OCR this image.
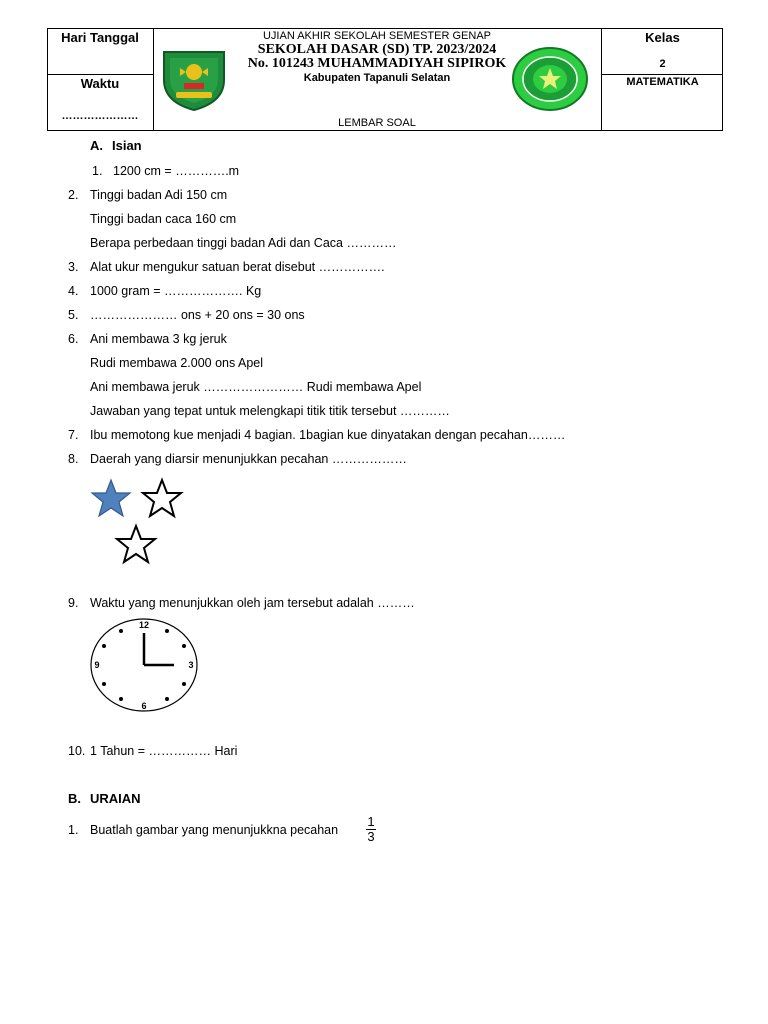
Hari Tanggal
Waktu
…………………
Kelas
2
MATEMATIKA
UJIAN AKHIR SEKOLAH SEMESTER GENAP
SEKOLAH DASAR (SD) TP. 2023/2024
No. 101243 MUHAMMADIYAH SIPIROK
Kabupaten Tapanuli Selatan
LEMBAR SOAL
A. Isian
1. 1200 cm = ………….m
2. Tinggi badan Adi 150 cm
Tinggi badan caca 160 cm
Berapa perbedaan tinggi badan Adi dan Caca …………
3. Alat ukur mengukur satuan berat disebut …………….
4. 1000 gram = ………………. Kg
5. ………………… ons + 20 ons = 30 ons
6. Ani membawa 3 kg jeruk
Rudi membawa 2.000 ons Apel
Ani membawa jeruk …………………… Rudi membawa Apel
Jawaban yang tepat untuk melengkapi titik titik tersebut …………
7. Ibu memotong kue menjadi 4 bagian. 1bagian kue dinyatakan dengan pecahan………
8. Daerah yang diarsir menunjukkan pecahan ………………
9. Waktu yang menunjukkan oleh jam tersebut adalah ………
12
3
6
9
10. 1 Tahun = …………… Hari
B. URAIAN
1. Buatlah gambar yang menunjukkna pecahan
1
3
